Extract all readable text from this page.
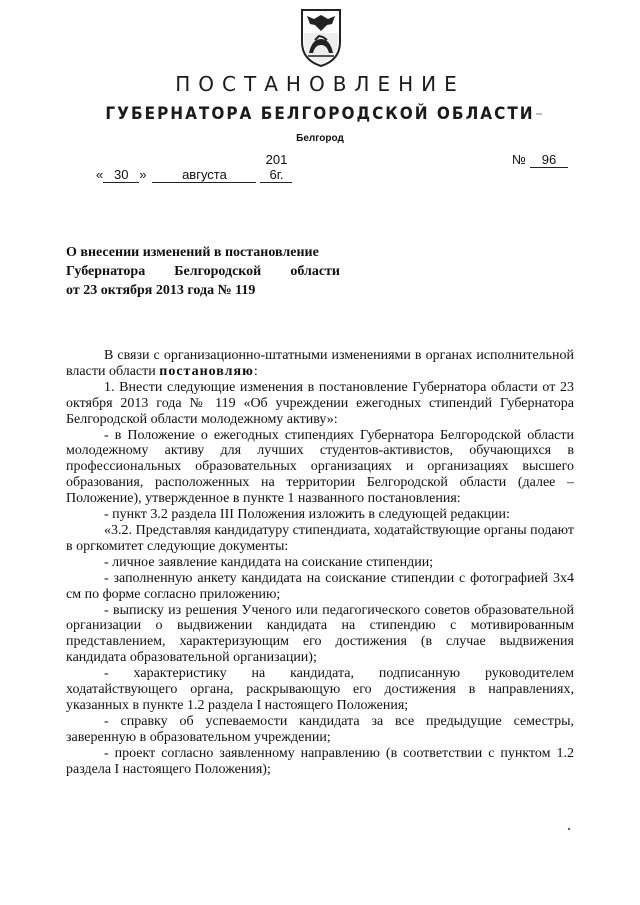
ПОСТАНОВЛЕНИЕ
ГУБЕРНАТОРА БЕЛГОРОДСКОЙ ОБЛАСТИ
Белгород
« 30 »	августа201 6г.
№ 96
О внесении изменений в постановление
Губернатора Белгородской области
от 23 октября 2013 года № 119

В связи с организационно-штатными изменениями в органах исполнительной власти области постановляю:

1. Внести следующие изменения в постановление Губернатора области от 23 октября 2013 года № 119 «Об учреждении ежегодных стипендий Губернатора Белгородской области молодежному активу»:

- в Положение о ежегодных стипендиях Губернатора Белгородской области молодежному активу для лучших студентов-активистов, обучающихся в профессиональных образовательных организациях и организациях высшего образования, расположенных на территории Белгородской области (далее – Положение), утвержденное в пункте 1 названного постановления:

- пункт 3.2 раздела III Положения изложить в следующей редакции:

«3.2. Представляя кандидатуру стипендиата, ходатайствующие органы подают в оргкомитет следующие документы:

- личное заявление кандидата на соискание стипендии;

- заполненную анкету кандидата на соискание стипендии с фотографией 3x4 см по форме согласно приложению;

- выписку из решения Ученого или педагогического советов образовательной организации о выдвижении кандидата на стипендию с мотивированным представлением, характеризующим его достижения (в случае выдвижения кандидата образовательной организации);

- характеристику на кандидата, подписанную руководителем ходатайствующего органа, раскрывающую его достижения в направлениях, указанных в пункте 1.2 раздела I настоящего Положения;

- справку об успеваемости кандидата за все предыдущие семестры, заверенную в образовательном учреждении;

- проект согласно заявленному направлению (в соответствии с пунктом 1.2 раздела I настоящего Положения);
